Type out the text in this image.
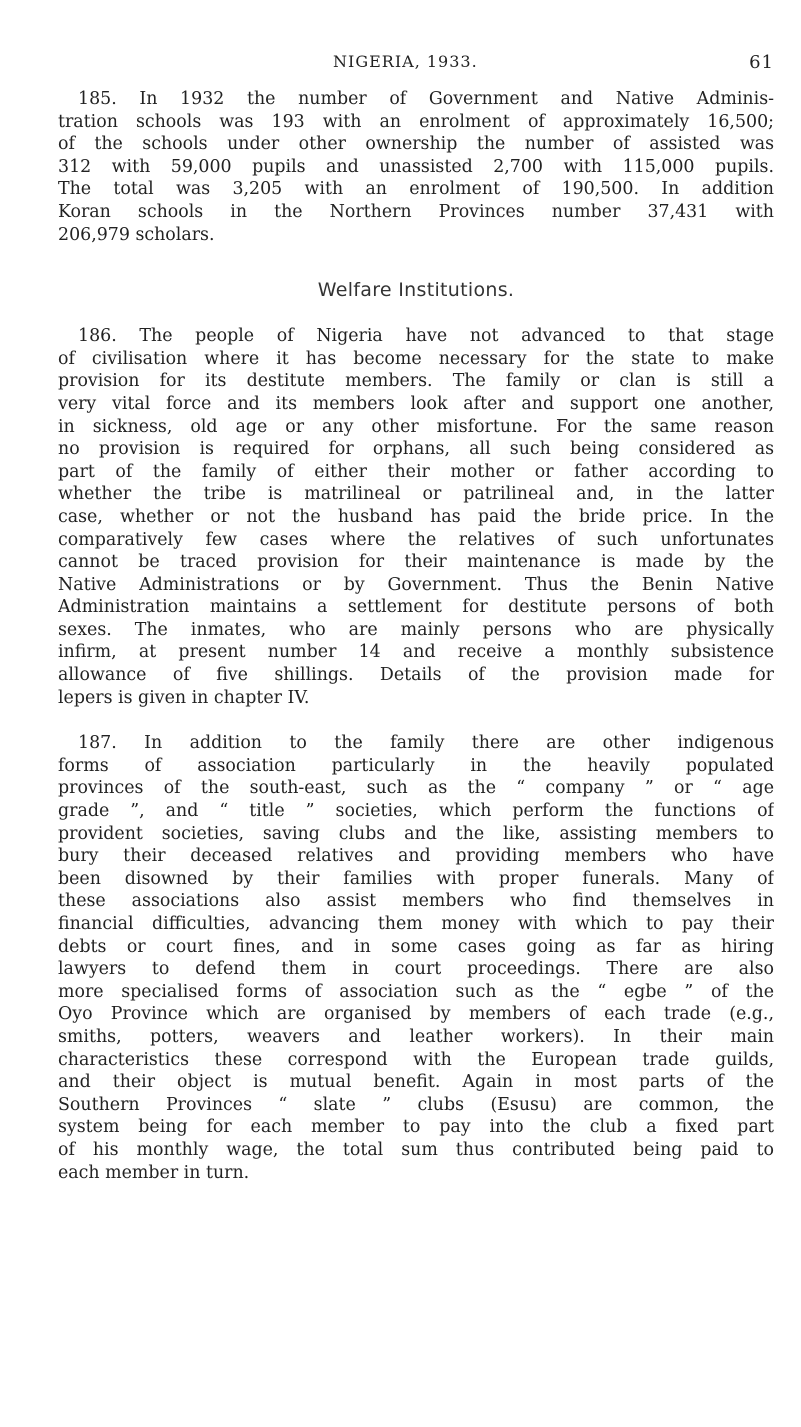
NIGERIA, 1933.	61

185. In 1932 the number of Government and Native Adminis-
tration schools was 193 with an enrolment of approximately 16,500;
of the schools under other ownership the number of assisted was
312 with 59,000 pupils and unassisted 2,700 with 115,000 pupils.
The total was 3,205 with an enrolment of 190,500. In addition
Koran schools in the Northern Provinces number 37,431 with
206,979 scholars.

Welfare Institutions.

186. The people of Nigeria have not advanced to that stage
of civilisation where it has become necessary for the state to make
provision for its destitute members. The family or clan is still a
very vital force and its members look after and support one another,
in sickness, old age or any other misfortune. For the same reason
no provision is required for orphans, all such being considered as
part of the family of either their mother or father according to
whether the tribe is matrilineal or patrilineal and, in the latter
case, whether or not the husband has paid the bride price. In the
comparatively few cases where the relatives of such unfortunates
cannot be traced provision for their maintenance is made by the
Native Administrations or by Government. Thus the Benin Native
Administration maintains a settlement for destitute persons of both
sexes. The inmates, who are mainly persons who are physically
infirm, at present number 14 and receive a monthly subsistence
allowance of five shillings. Details of the provision made for
lepers is given in chapter IV.

187. In addition to the family there are other indigenous
forms of association particularly in the heavily populated
provinces of the south-east, such as the “ company ” or “ age
grade ”, and “ title ” societies, which perform the functions of
provident societies, saving clubs and the like, assisting members to
bury their deceased relatives and providing members who have
been disowned by their families with proper funerals. Many of
these associations also assist members who find themselves in
financial difficulties, advancing them money with which to pay their
debts or court fines, and in some cases going as far as hiring
lawyers to defend them in court proceedings. There are also
more specialised forms of association such as the “ egbe ” of the
Oyo Province which are organised by members of each trade (e.g.,
smiths, potters, weavers and leather workers). In their main
characteristics these correspond with the European trade guilds,
and their object is mutual benefit. Again in most parts of the
Southern Provinces “ slate ” clubs (Esusu) are common, the
system being for each member to pay into the club a fixed part
of his monthly wage, the total sum thus contributed being paid to
each member in turn.
